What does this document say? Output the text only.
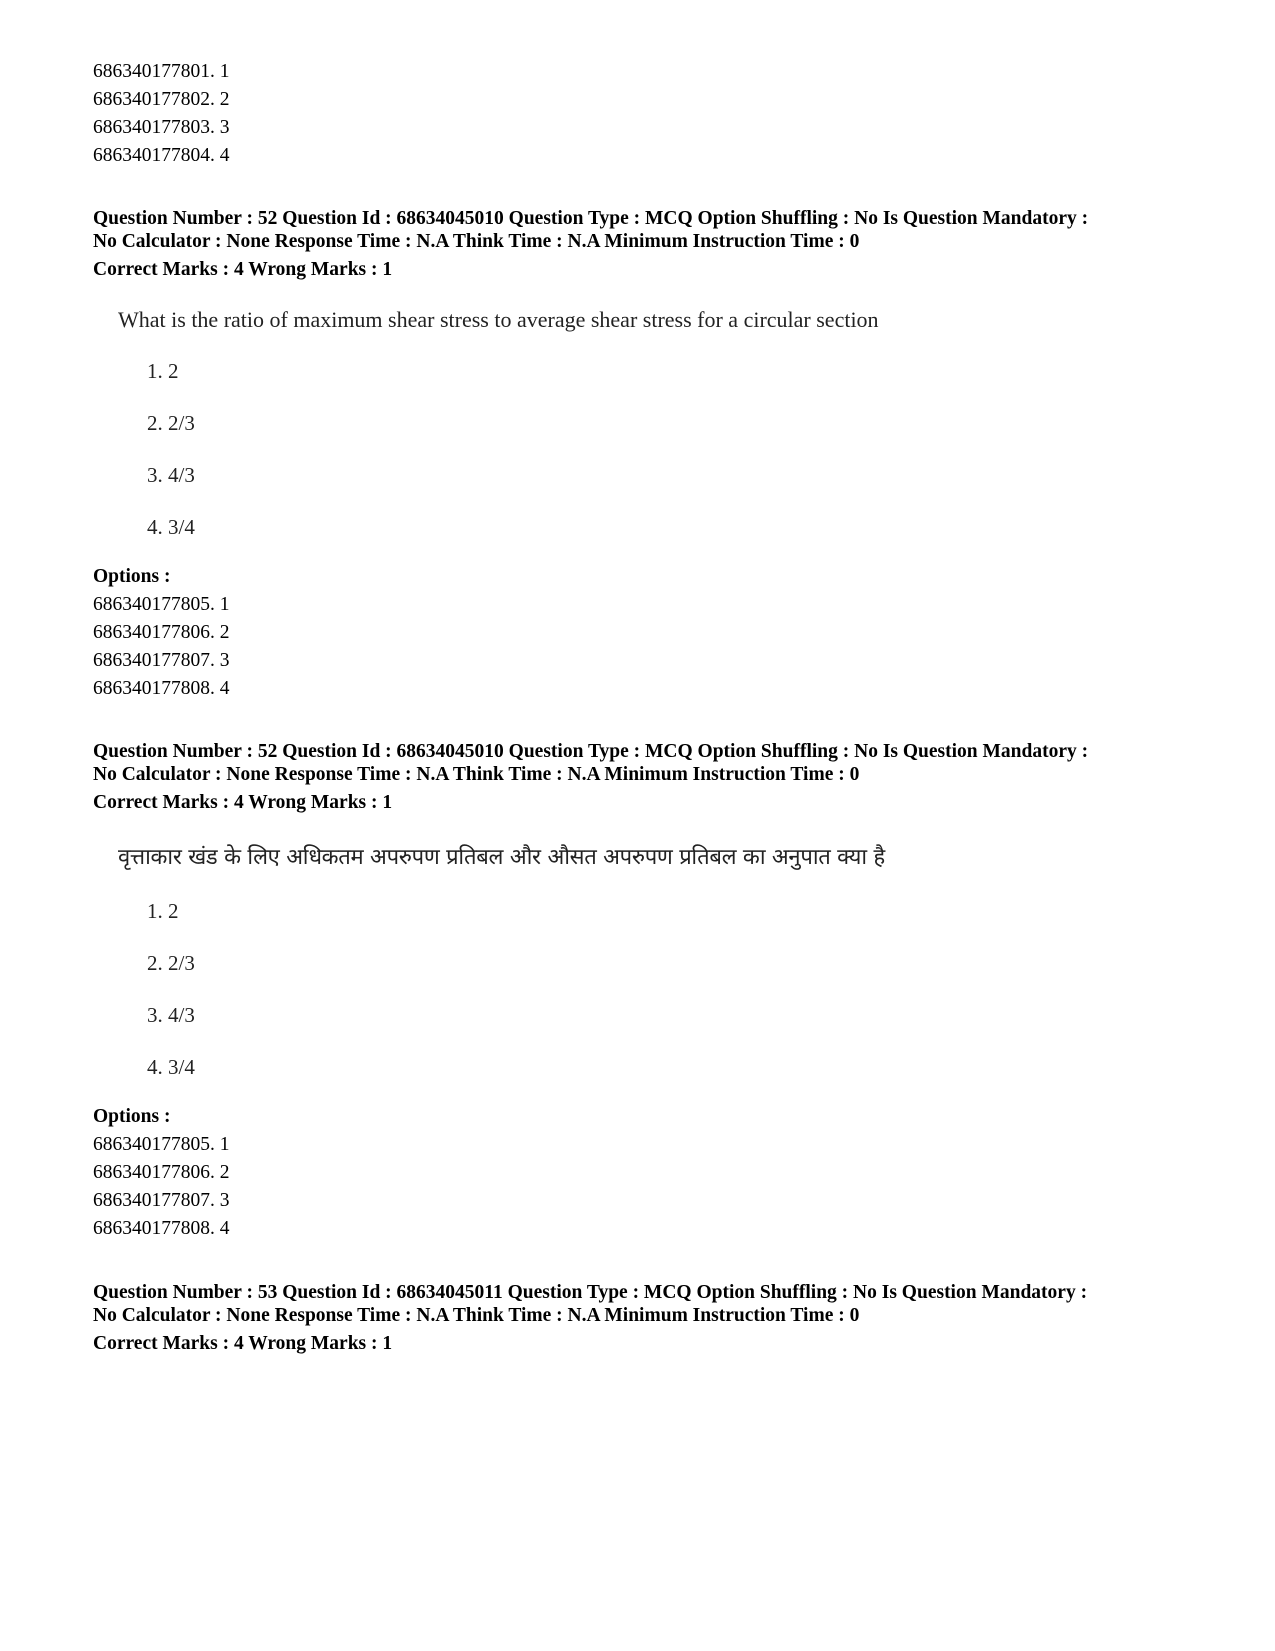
686340177801. 1
686340177802. 2
686340177803. 3
686340177804. 4
Question Number : 52 Question Id : 68634045010 Question Type : MCQ Option Shuffling : No Is Question Mandatory :
No Calculator : None Response Time : N.A Think Time : N.A Minimum Instruction Time : 0
Correct Marks : 4 Wrong Marks : 1
What is the ratio of maximum shear stress to average shear stress for a circular section
1. 2
2. 2/3
3. 4/3
4. 3/4
Options :
686340177805. 1
686340177806. 2
686340177807. 3
686340177808. 4
Question Number : 52 Question Id : 68634045010 Question Type : MCQ Option Shuffling : No Is Question Mandatory :
No Calculator : None Response Time : N.A Think Time : N.A Minimum Instruction Time : 0
Correct Marks : 4 Wrong Marks : 1
वृत्ताकार खंड के लिए अधिकतम अपरुपण प्रतिबल और औसत अपरुपण प्रतिबल का अनुपात क्या है
1. 2
2. 2/3
3. 4/3
4. 3/4
Options :
686340177805. 1
686340177806. 2
686340177807. 3
686340177808. 4
Question Number : 53 Question Id : 68634045011 Question Type : MCQ Option Shuffling : No Is Question Mandatory :
No Calculator : None Response Time : N.A Think Time : N.A Minimum Instruction Time : 0
Correct Marks : 4 Wrong Marks : 1
